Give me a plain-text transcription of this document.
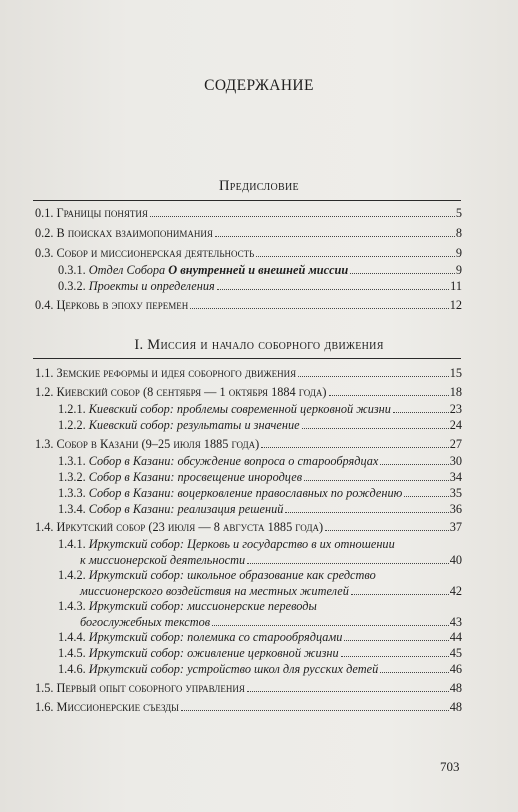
СОДЕРЖАНИЕ
Предисловие
0.1. Границы понятия	5
0.2. В поисках взаимопонимания	8
0.3. Собор и миссионерская деятельность	9
0.3.1. Отдел Собора О внутренней и внешней миссии	9
0.3.2. Проекты и определения	11
0.4. Церковь в эпоху перемен	12
I. Миссия и начало соборного движения
1.1. Земские реформы и идея соборного движения	15
1.2. Киевский собор (8 сентября — 1 октября 1884 года)	18
1.2.1. Киевский собор: проблемы современной церковной жизни	23
1.2.2. Киевский собор: результаты и значение	24
1.3. Собор в Казани (9–25 июля 1885 года)	27
1.3.1. Собор в Казани: обсуждение вопроса о старообрядцах	30
1.3.2. Собор в Казани: просвещение инородцев	34
1.3.3. Собор в Казани: воцерковление православных по рождению	35
1.3.4. Собор в Казани: реализация решений	36
1.4. Иркутский собор (23 июля — 8 августа 1885 года)	37
1.4.1. Иркутский собор: Церковь и государство в их отношении
к миссионерской деятельности	40
1.4.2. Иркутский собор: школьное образование как средство
миссионерского воздействия на местных жителей	42
1.4.3. Иркутский собор: миссионерские переводы
богослужебных текстов	43
1.4.4. Иркутский собор: полемика со старообрядцами	44
1.4.5. Иркутский собор: оживление церковной жизни	45
1.4.6. Иркутский собор: устройство школ для русских детей	46
1.5. Первый опыт соборного управления	48
1.6. Миссионерские съезды	48
703
